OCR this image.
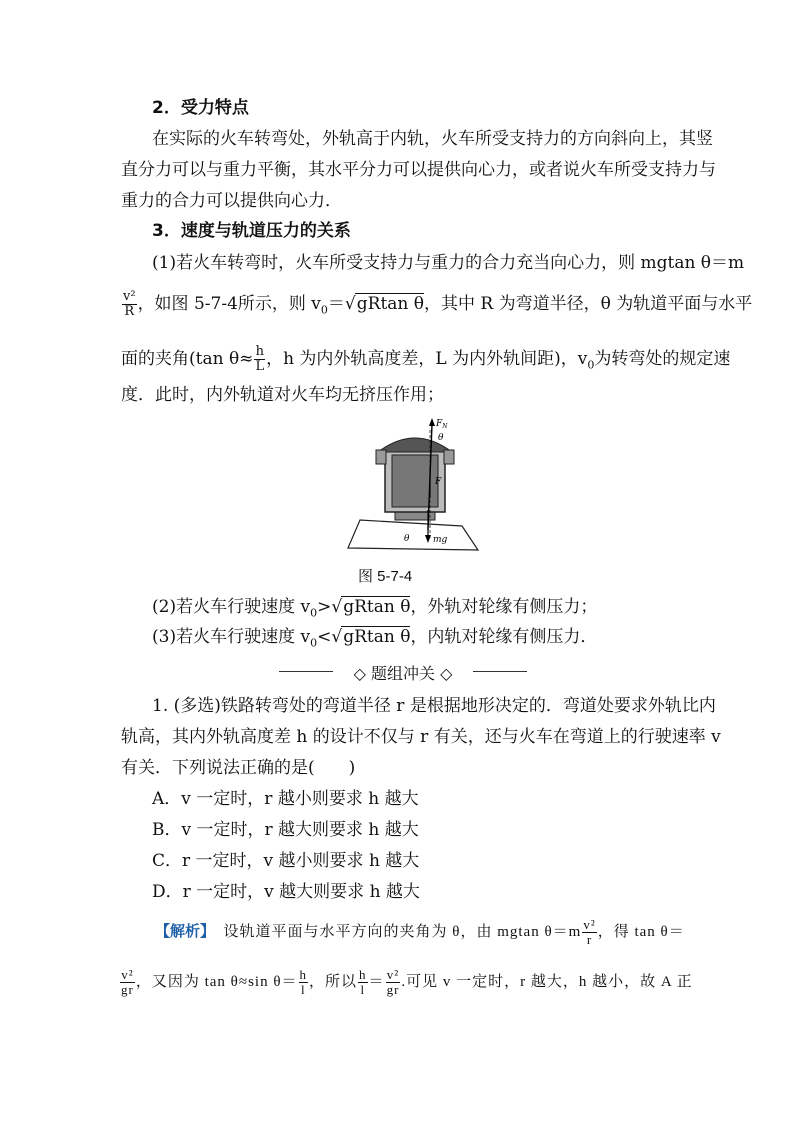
2．受力特点
在实际的火车转弯处，外轨高于内轨，火车所受支持力的方向斜向上，其竖
直分力可以与重力平衡，其水平分力可以提供向心力，或者说火车所受支持力与
重力的合力可以提供向心力．
3．速度与轨道压力的关系
(1)若火车转弯时，火车所受支持力与重力的合力充当向心力，则 mgtan θ＝m
$\frac{\text{v²}}{R}$ ，如图 5-7-4所示，则 $v_0=√gRtan$ θ，其中 R 为弯道半径，θ 为轨道平面与水平
面的夹角(tan $\theta\approx \frac{h}{L}$ ，h 为内外轨高度差，L 为内外轨间距)，$v_0$为转弯处的规定速
度．此时，内外轨道对火车均无挤压作用；
$F_N$
θ
F
θ	mg
图 5-7-4
(2)若火车行驶速度 $v_0>√gRtan$ θ，外轨对轮缘有侧压力；
(3)若火车行驶速度 $v_0<√gRtan$ θ，内轨对轮缘有侧压力．
◇ 题组冲关 ◇
1. (多选)铁路转弯处的弯道半径 r 是根据地形决定的．弯道处要求外轨比内
轨高，其内外轨高度差 h 的设计不仅与 r 有关，还与火车在弯道上的行驶速率 v
有关．下列说法正确的是(　　)
A．v 一定时，r 越小则要求 h 越大
B．v 一定时，r 越大则要求 h 越大
C．r 一定时，v 越小则要求 h 越大
D．r 一定时，v 越大则要求 h 越大
【解析】　 设轨道平面与水平方向的夹角为 θ，由 mgtan $\theta=m \frac{\text{v²}}{r}$ ，得 tan θ＝
$\frac{\text{v²}}{gr}$ ，又因为 tan θ≈sin $\theta= \frac{h}{l}$ ，所以 $\frac{h}{l} = \frac{\text{v²}}{gr}$ .可见 v 一定时，r 越大，h 越小，故 A 正
